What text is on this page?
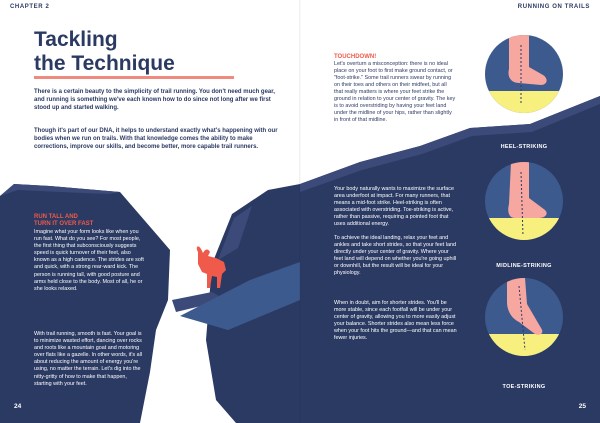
CHAPTER 2
Tackling
the Technique

There is a certain beauty to the simplicity of trail running. You don't need much gear, and running is something we've each known how to do since not long after we first stood up and started walking.

Though it's part of our DNA, it helps to understand exactly what's happening with our bodies when we run on trails. With that knowledge comes the ability to make corrections, improve our skills, and become better, more capable trail runners.

RUN TALL AND
TURN IT OVER FAST

Imagine what your form looks like when you run fast. What do you see? For most people, the first thing that subconsciously suggests speed is quick turnover of their feet, also known as a high cadence. The strides are soft and quick, with a strong rear-ward kick. The person is running tall, with good posture and arms held close to the body. Most of all, he or she looks relaxed.

With trail running, smooth is fast. Your goal is to minimize wasted effort, dancing over rocks and roots like a mountain goat and motoring over flats like a gazelle. In other words, it's all about reducing the amount of energy you're using, no matter the terrain. Let's dig into the nitty-gritty of how to make that happen, starting with your feet.

24
RUNNING ON TRAILS
TOUCHDOWN!

Let's overturn a misconception: there is no ideal place on your foot to first make ground contact, or "foot-strike." Some trail runners swear by running on their toes and others on their midfeet, but all that really matters is where your feet strike the ground in relation to your center of gravity. The key is to avoid overstriding by having your feet land under the midline of your hips, rather than slightly in front of that midline.

Your body naturally wants to maximize the surface area underfoot at impact. For many runners, that means a mid-foot strike. Heel-striking is often associated with overstriding. Toe-striking is active, rather than passive, requiring a pointed foot that uses additional energy.

To achieve the ideal landing, relax your feet and ankles and take short strides, so that your feet land directly under your center of gravity. Where your feet land will depend on whether you're going uphill or downhill, but the result will be ideal for your physiology.

When in doubt, aim for shorter strides. You'll be more stable, since each footfall will be under your center of gravity, allowing you to more easily adjust your balance. Shorter strides also mean less force when your foot hits the ground—and that can mean fewer injuries.

HEEL-STRIKING

MIDLINE-STRIKING

TOE-STRIKING

25
